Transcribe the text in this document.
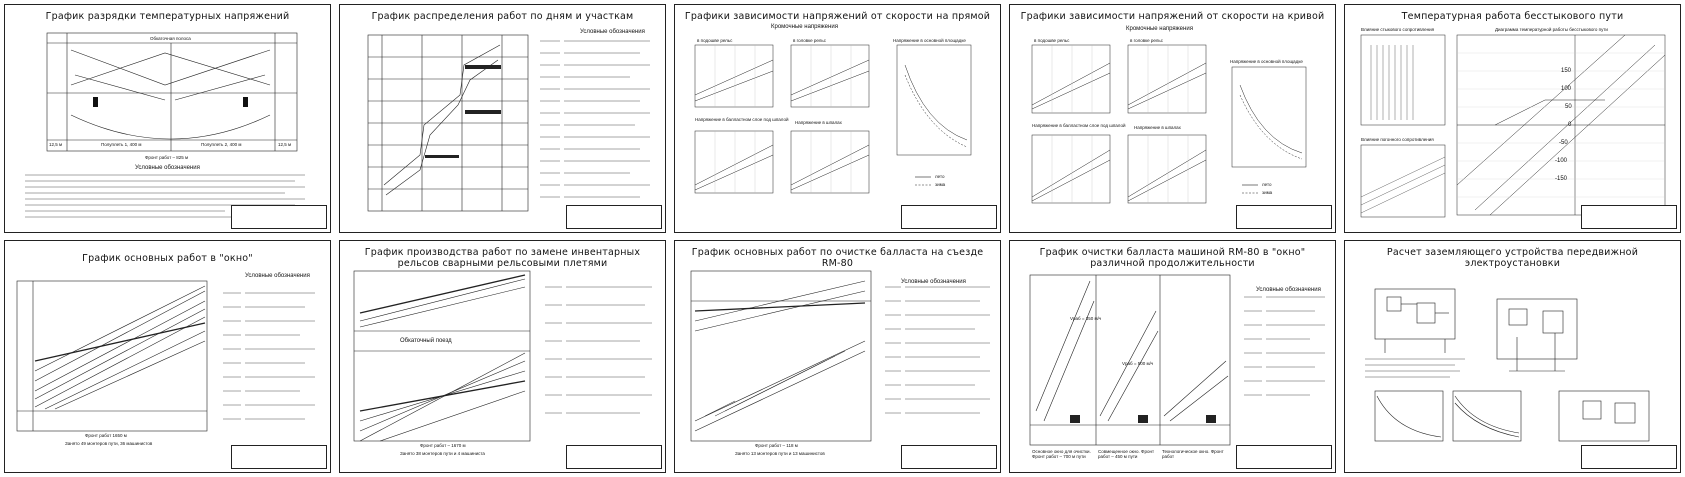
График разрядки температурных напряжений
Обкаточная полоса
12,5 м	Полуплеть 1, 400 м	Полуплеть 2, 400 м	12,5 м
Фронт работ – 825 м
Условные обозначения
График распределения работ по дням и участкам
Условные обозначения
Графики зависимости напряжений от скорости на прямой
Кромочные напряжения
в подошве рельс	в головке рельс
Напряжение в балластном слое под шпалой
Напряжение в шпалах
Напряжение в основной площадке
лето
зима
Графики зависимости напряжений от скорости на кривой
Кромочные напряжения
в подошве рельс	в головке рельс
Напряжение в балластном слое под шпалой Напряжение в шпалах
Напряжение в основной площадке
лето
зима
Температурная работа бесстыкового пути
Влияние стыкового сопротивления
Влияние погонного сопротивления
Диаграмма температурной работы бесстыкового пути
150
100
50
0
-50
-100
-150
График основных работ в "окно"
Условные обозначения
Фронт работ 1650 м
Занято 49 монтеров пути, 36 машинистов
График производства работ по замене инвентарных рельсов сварными рельсовыми плетями
Обкаточный поезд
Фронт работ – 1670 м
Занято 38 монтеров пути и 4 машиниста
График основных работ по очистке балласта на съезде RM-80
Условные обозначения
Фронт работ – 118 м
Занято 13 монтеров пути и 13 машинистов
График очистки балласта машиной RM-80 в "окно" различной продолжительности
Условные обозначения
Vраб = 350 м/ч
Vраб = 500 м/ч
Основное окно для очистки. Фронт работ – 700 м пути
Совмещенное окно. Фронт работ – 450 м пути
Технологическое окно. Фронт работ
Расчет заземляющего устройства передвижной электроустановки
